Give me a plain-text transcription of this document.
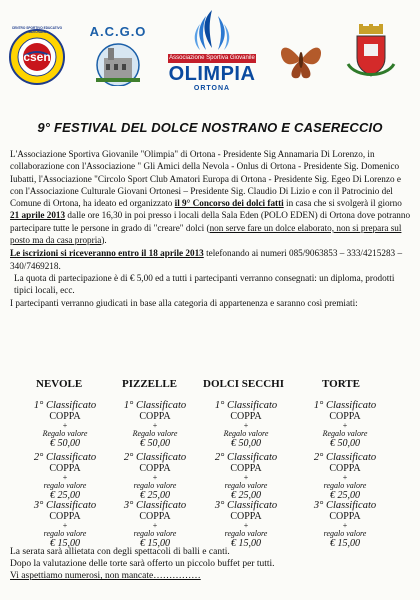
CENTRO SPORTIVO EDUCATIVO NAZIONALE
csen
A.C.G.O
Associazione Sportiva Giovanile
OLIMPIA
ORTONA
9° FESTIVAL DEL DOLCE NOSTRANO E CASERECCIO

L'Associazione Sportiva Giovanile "Olimpia" di Ortona - Presidente Sig Annamaria Di Lorenzo, in collaborazione con l'Associazione " Gli Amici della Nevola - Onlus di Ortona - Presidente Sig. Domenico Iubatti, l'Associazione "Circolo Sport Club Amatori Europa di Ortona - Presidente Sig. Egeo Di Lorenzo e con l'Associazione Culturale Giovani Ortonesi – Presidente Sig. Claudio Di Lizio e con il Patrocinio del Comune di Ortona, ha ideato ed organizzato il 9° Concorso dei dolci fatti in casa che si svolgerà il giorno 21 aprile 2013 dalle ore 16,30 in poi presso i locali della Sala Eden (POLO EDEN) di Ortona dove potranno partecipare tutte le persone in grado di "creare" dolci (non serve fare un dolce elaborato, non si prepara sul posto ma da casa propria).

Le iscrizioni si riceveranno entro il 18 aprile 2013 telefonando ai numeri 085/9063853 – 333/4215283 – 340/7469218.

La quota di partecipazione è di € 5,00 ed a tutti i partecipanti verranno consegnati: un diploma, prodotti tipici locali, ecc.

I partecipanti verranno giudicati in base alla categoria di appartenenza e saranno così premiati:

NEVOLE	PIZZELLE DOLCI SECCHI	TORTE
1° Classificato
COPPA
+
Regalo valore
€ 50,00
1° Classificato
COPPA
+
Regalo valore
€ 50,00
1° Classificato
COPPA
+
Regalo valore
€ 50,00
1° Classificato
COPPA
+
Regalo valore
€ 50,00
2° Classificato
COPPA
+
regalo valore
€ 25,00
2° Classificato
COPPA
+
regalo valore
€ 25,00
2° Classificato
COPPA
+
regalo valore
€ 25,00
2° Classificato
COPPA
+
regalo valore
€ 25,00
3° Classificato
COPPA
+
regalo valore
€ 15,00
3° Classificato
COPPA
+
regalo valore
€ 15,00
3° Classificato
COPPA
+
regalo valore
€ 15,00
3° Classificato
COPPA
+
regalo valore
€ 15,00
La serata sarà allietata con degli spettacoli di balli e canti.
Dopo la valutazione delle torte sarà offerto un piccolo buffet per tutti.
Vi aspettiamo numerosi, non mancate……………
